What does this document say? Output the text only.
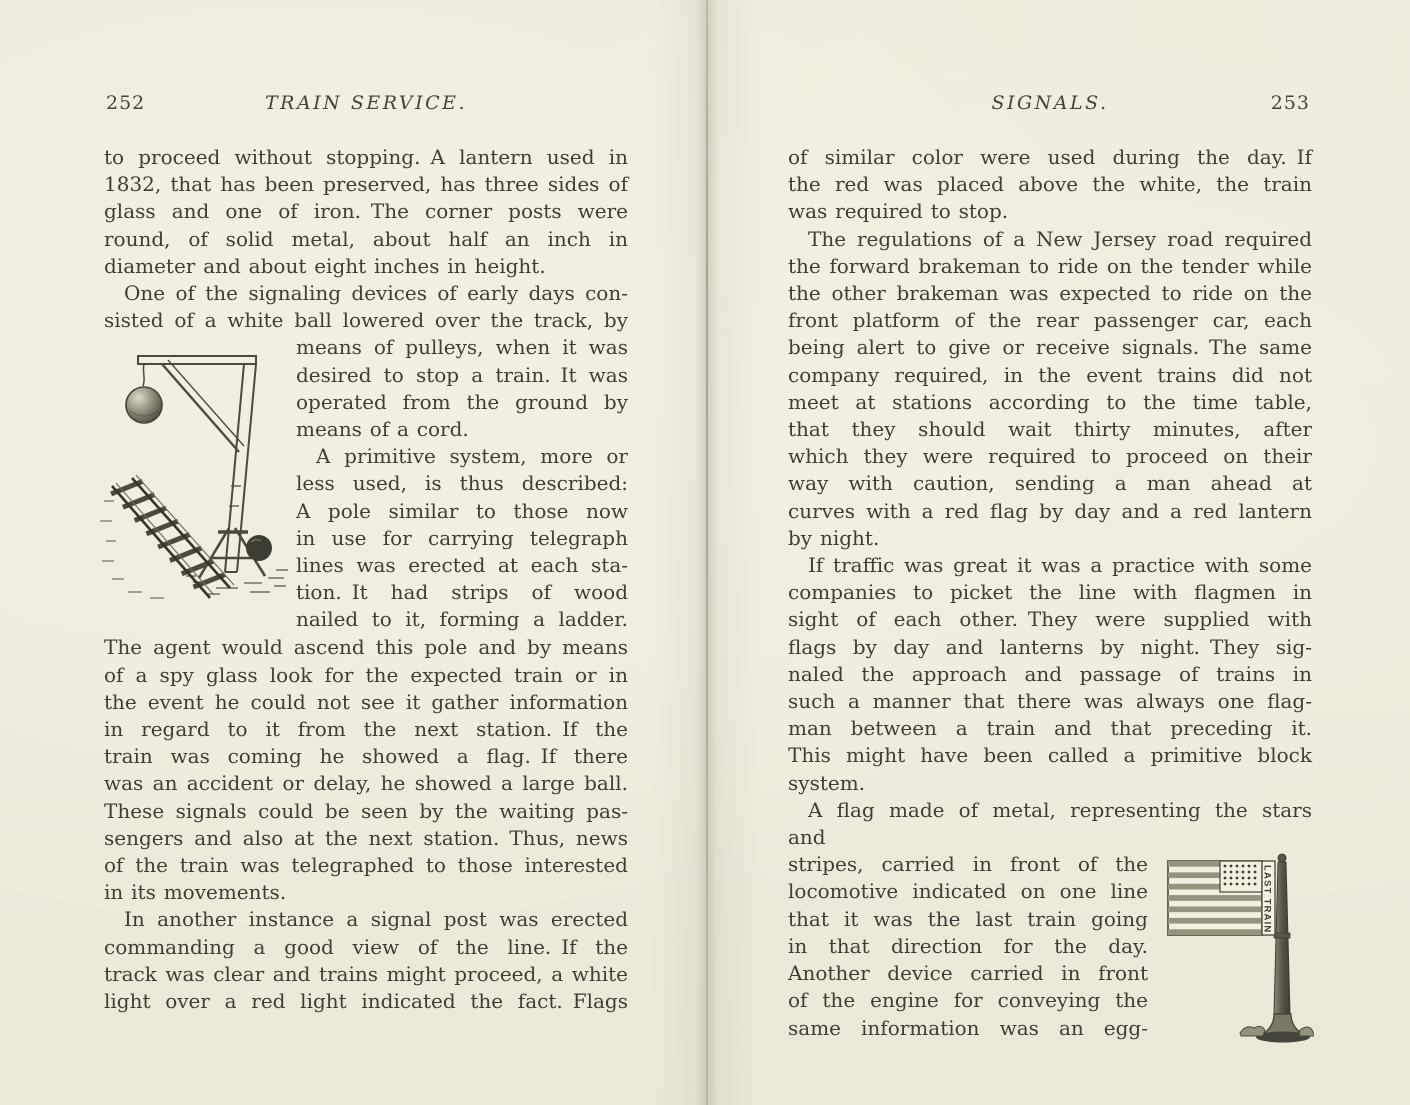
252	TRAIN SERVICE.
to proceed without stopping. A lantern used in
1832, that has been preserved, has three sides of
glass and one of iron. The corner posts were
round, of solid metal, about half an inch in
diameter and about eight inches in height.
 One of the signaling devices of early days con-
sisted of a white ball lowered over the track, by
means of pulleys, when it was
desired to stop a train. It was
operated from the ground by
means of a cord.
 A primitive system, more or
less used, is thus described:
A pole similar to those now
in use for carrying telegraph
lines was erected at each sta-
tion. It had strips of wood
nailed to it, forming a ladder.
The agent would ascend this pole and by means
of a spy glass look for the expected train or in
the event he could not see it gather information
in regard to it from the next station. If the
train was coming he showed a flag. If there
was an accident or delay, he showed a large ball.
These signals could be seen by the waiting pas-
sengers and also at the next station. Thus, news
of the train was telegraphed to those interested
in its movements.
 In another instance a signal post was erected
commanding a good view of the line. If the
track was clear and trains might proceed, a white
light over a red light indicated the fact. Flags
SIGNALS.	253
of similar color were used during the day. If
the red was placed above the white, the train
was required to stop.
 The regulations of a New Jersey road required
the forward brakeman to ride on the tender while
the other brakeman was expected to ride on the
front platform of the rear passenger car, each
being alert to give or receive signals. The same
company required, in the event trains did not
meet at stations according to the time table,
that they should wait thirty minutes, after
which they were required to proceed on their
way with caution, sending a man ahead at
curves with a red flag by day and a red lantern
by night.
 If traffic was great it was a practice with some
companies to picket the line with flagmen in
sight of each other. They were supplied with
flags by day and lanterns by night. They sig-
naled the approach and passage of trains in
such a manner that there was always one flag-
man between a train and that preceding it.
This might have been called a primitive block
system.
 A flag made of metal, representing the stars and
LAST TRAIN
stripes, carried in front of the
locomotive indicated on one line
that it was the last train going
in that direction for the day.
Another device carried in front
of the engine for conveying the
same information was an egg-
